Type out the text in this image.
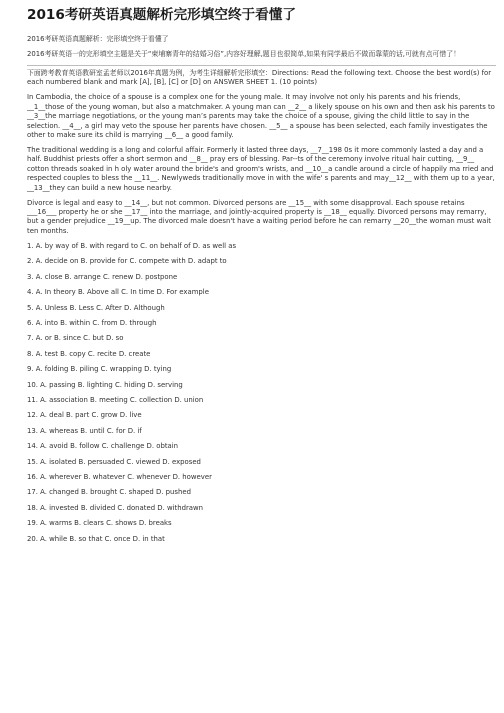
2016考研英语真题解析完形填空终于看懂了

2016考研英语真题解析：完形填空终于看懂了

2016考研英语一的完形填空主题是关于“柬埔寨青年的结婚习俗”,内容好理解,题目也很简单,如果有同学最后不做而靠蒙的话,可就有点可惜了！

下面跨考教育英语教研室孟老师以2016年真题为例，为考生详细解析完形填空：Directions: Read the following text. Choose the best word(s) for each numbered blank and mark [A], [B], [C] or [D] on ANSWER SHEET 1. (10 points)

In Cambodia, the choice of a spouse is a complex one for the young male. It may involve not only his parents and his friends, __1__those of the young woman, but also a matchmaker. A young man can __2__ a likely spouse on his own and then ask his parents to __3__the marriage negotiations, or the young man’s parents may take the choice of a spouse, giving the child little to say in the selection. __4__, a girl may veto the spouse her parents have chosen. __5__ a spouse has been selected, each family investigates the other to make sure its child is marrying __6__ a good family.

The traditional wedding is a long and colorful affair. Formerly it lasted three days, __7__198 0s it more commonly lasted a day and a half. Buddhist priests offer a short sermon and __8__ pray ers of blessing. Par--ts of the ceremony involve ritual hair cutting, __9__ cotton threads soaked in h oly water around the bride's and groom's wrists, and __10__a candle around a circle of happily ma rried and respected couples to bless the __11__. Newlyweds traditionally move in with the wife' s parents and may__12__ with them up to a year, __13__they can build a new house nearby.

Divorce is legal and easy to __14__, but not common. Divorced persons are __15__ with some disapproval. Each spouse retains ___16___ property he or she __17__ into the marriage, and jointly-acquired property is __18__ equally. Divorced persons may remarry, but a gender prejudice __19__up. The divorced male doesn't have a waiting period before he can remarry __20__the woman must wait ten months.

1. A. by way of B. with regard to C. on behalf of D. as well as

2. A. decide on B. provide for C. compete with D. adapt to

3. A. close B. arrange C. renew D. postpone

4. A. In theory B. Above all C. In time D. For example

5. A. Unless B. Less C. After D. Although

6. A. into B. within C. from D. through

7. A. or B. since C. but D. so

8. A. test B. copy C. recite D. create

9. A. folding B. piling C. wrapping D. tying

10. A. passing B. lighting C. hiding D. serving

11. A. association B. meeting C. collection D. union

12. A. deal B. part C. grow D. live

13. A. whereas B. until C. for D. if

14. A. avoid B. follow C. challenge D. obtain

15. A. isolated B. persuaded C. viewed D. exposed

16. A. wherever B. whatever C. whenever D. however

17. A. changed B. brought C. shaped D. pushed

18. A. invested B. divided C. donated D. withdrawn

19. A. warms B. clears C. shows D. breaks

20. A. while B. so that C. once D. in that
